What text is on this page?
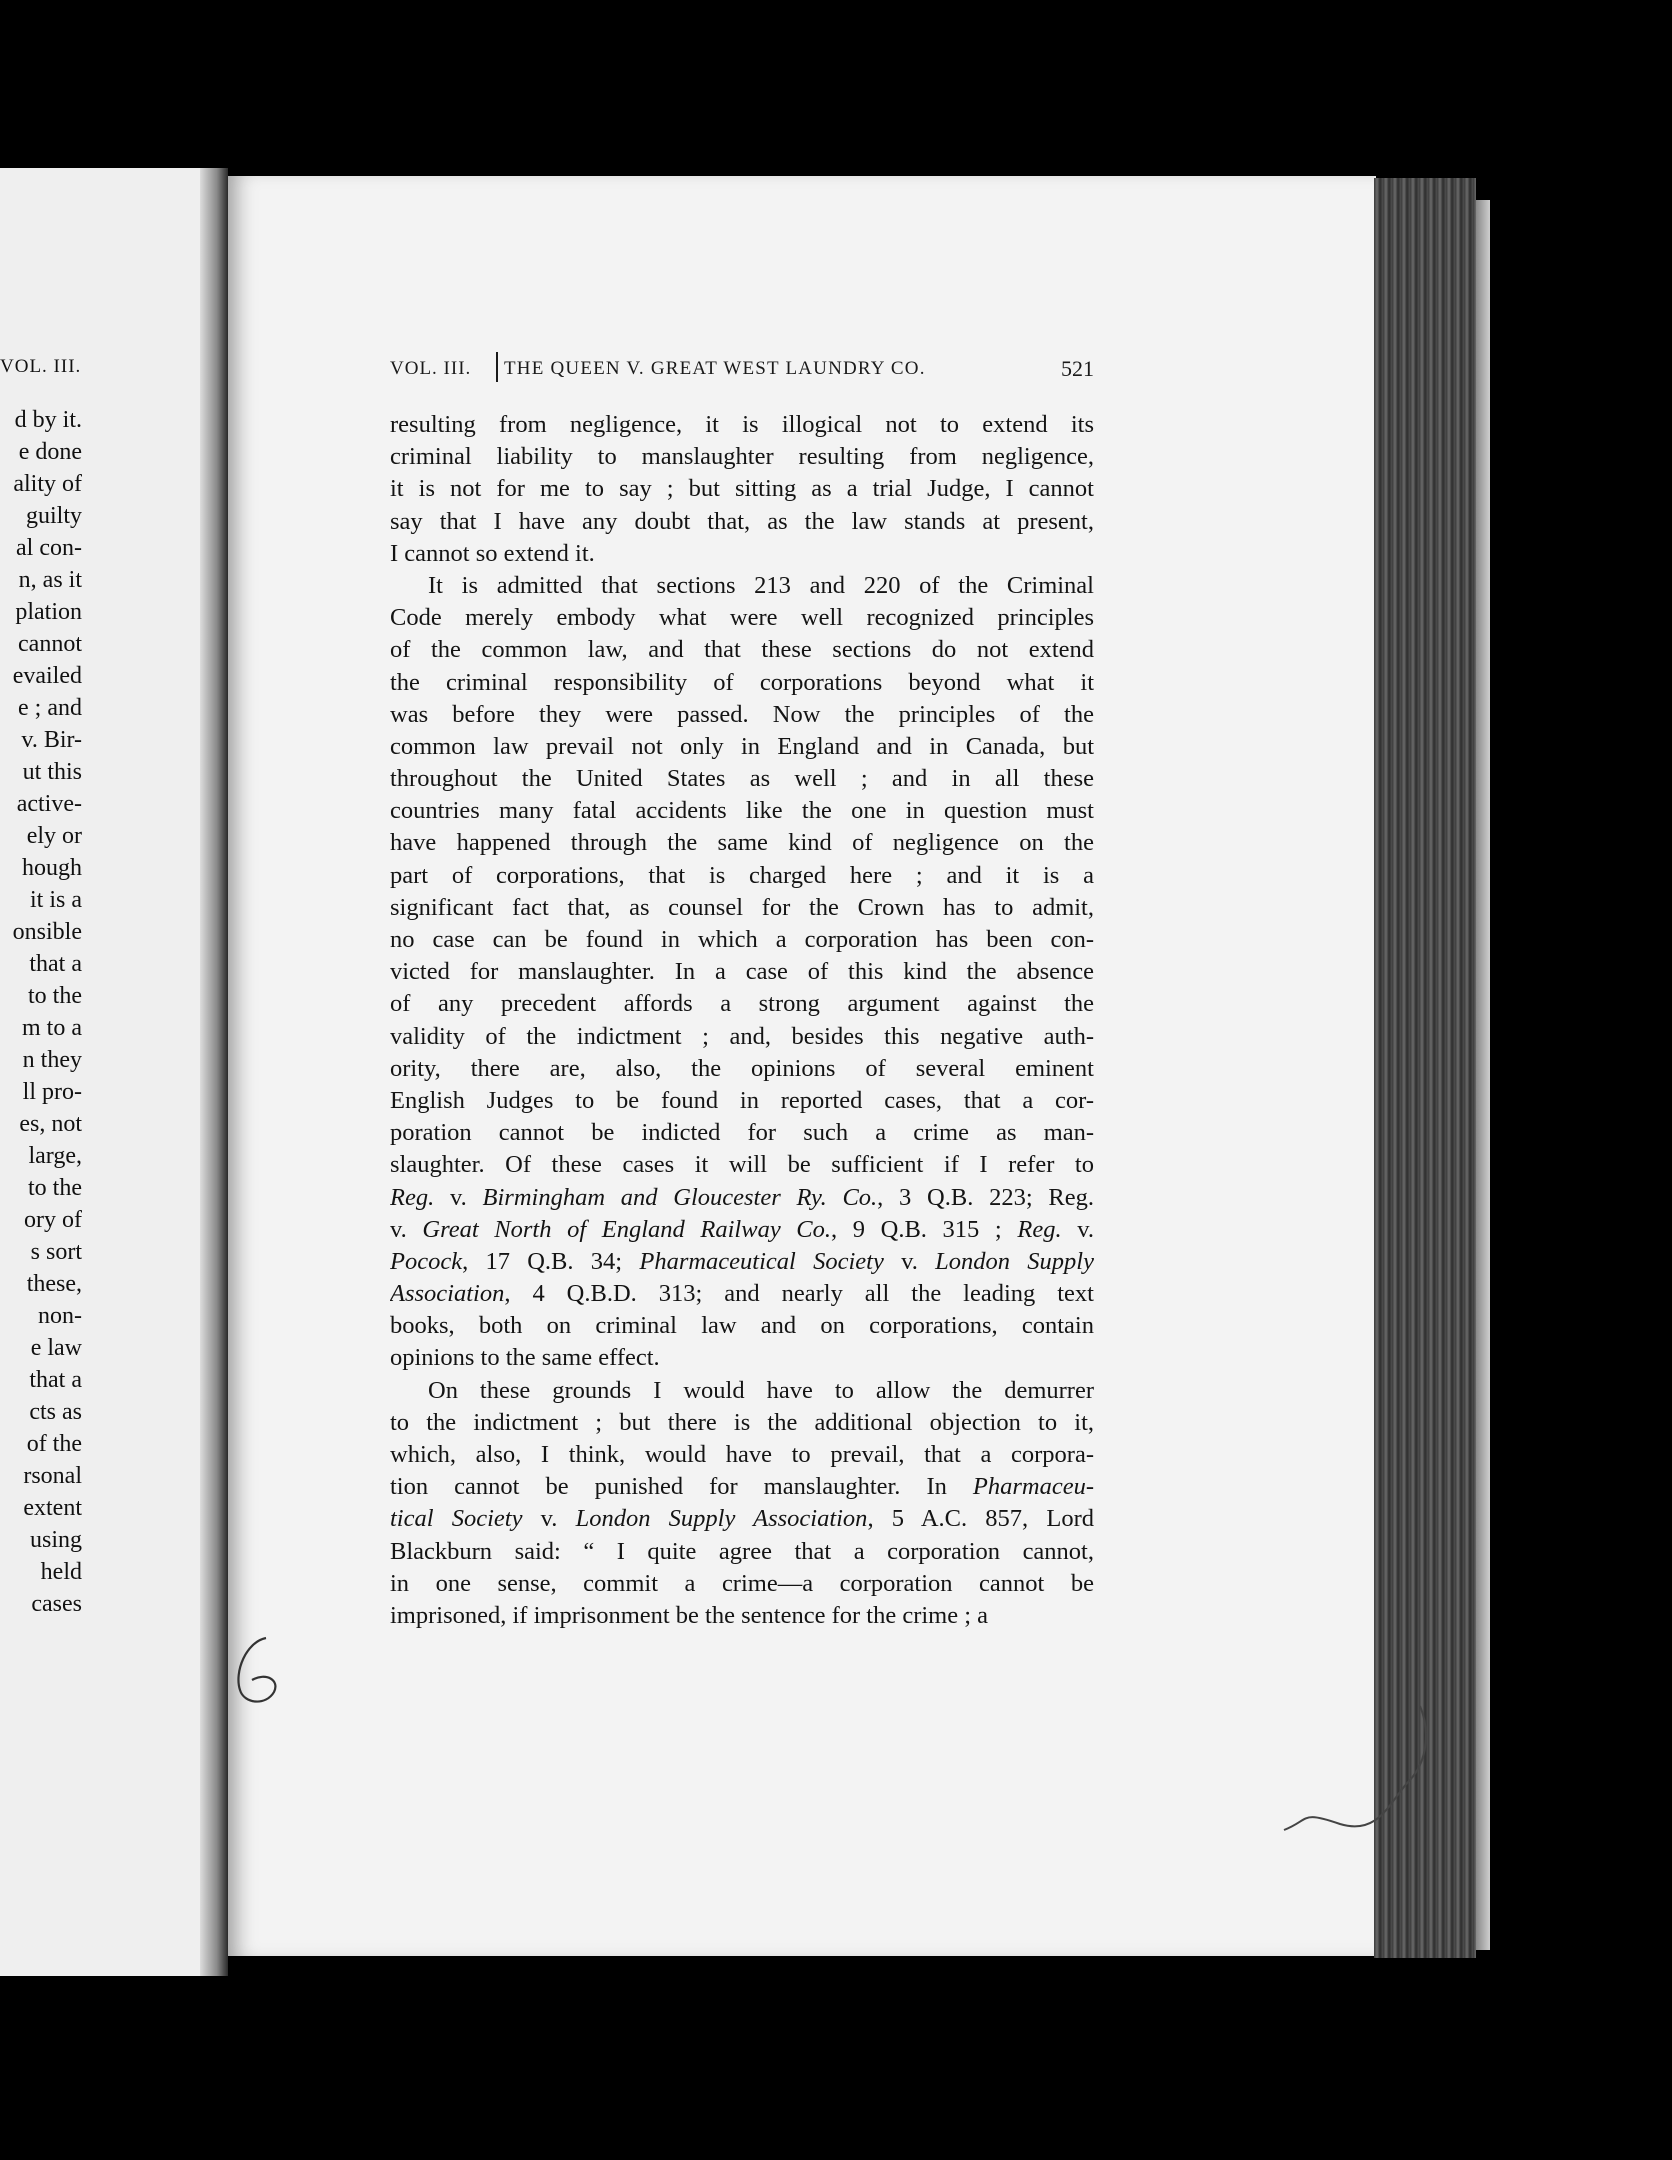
VOL. III.
d by it.
e done
ality of
guilty
al con-
n, as it
plation
cannot
evailed
e ; and
v. Bir-
ut this
active-
ely or
hough
it is a
onsible
that a
to the
m to a
n they
ll pro-
es, not
large,
to the
ory of
s sort
these,
non-
e law
that a
cts as
of the
rsonal
extent
using
held
cases
VOL. III. THE QUEEN V. GREAT WEST LAUNDRY CO.	521
resulting from negligence, it is illogical not to extend its
criminal liability to manslaughter resulting from negligence,
it is not for me to say ; but sitting as a trial Judge, I cannot
say that I have any doubt that, as the law stands at present,
I cannot so extend it.
It is admitted that sections 213 and 220 of the Criminal
Code merely embody what were well recognized principles
of the common law, and that these sections do not extend
the criminal responsibility of corporations beyond what it
was before they were passed. Now the principles of the
common law prevail not only in England and in Canada, but
throughout the United States as well ; and in all these
countries many fatal accidents like the one in question must
have happened through the same kind of negligence on the
part of corporations, that is charged here ; and it is a
significant fact that, as counsel for the Crown has to admit,
no case can be found in which a corporation has been con-
victed for manslaughter. In a case of this kind the absence
of any precedent affords a strong argument against the
validity of the indictment ; and, besides this negative auth-
ority, there are, also, the opinions of several eminent
English Judges to be found in reported cases, that a cor-
poration cannot be indicted for such a crime as man-
slaughter. Of these cases it will be sufficient if I refer to
Reg. v. Birmingham and Gloucester Ry. Co., 3 Q.B. 223; Reg.
v. Great North of England Railway Co., 9 Q.B. 315 ; Reg. v.
Pocock, 17 Q.B. 34; Pharmaceutical Society v. London Supply
Association, 4 Q.B.D. 313; and nearly all the leading text
books, both on criminal law and on corporations, contain
opinions to the same effect.
On these grounds I would have to allow the demurrer
to the indictment ; but there is the additional objection to it,
which, also, I think, would have to prevail, that a corpora-
tion cannot be punished for manslaughter. In Pharmaceu-
tical Society v. London Supply Association, 5 A.C. 857, Lord
Blackburn said: “ I quite agree that a corporation cannot,
in one sense, commit a crime—a corporation cannot be
imprisoned, if imprisonment be the sentence for the crime ; a
